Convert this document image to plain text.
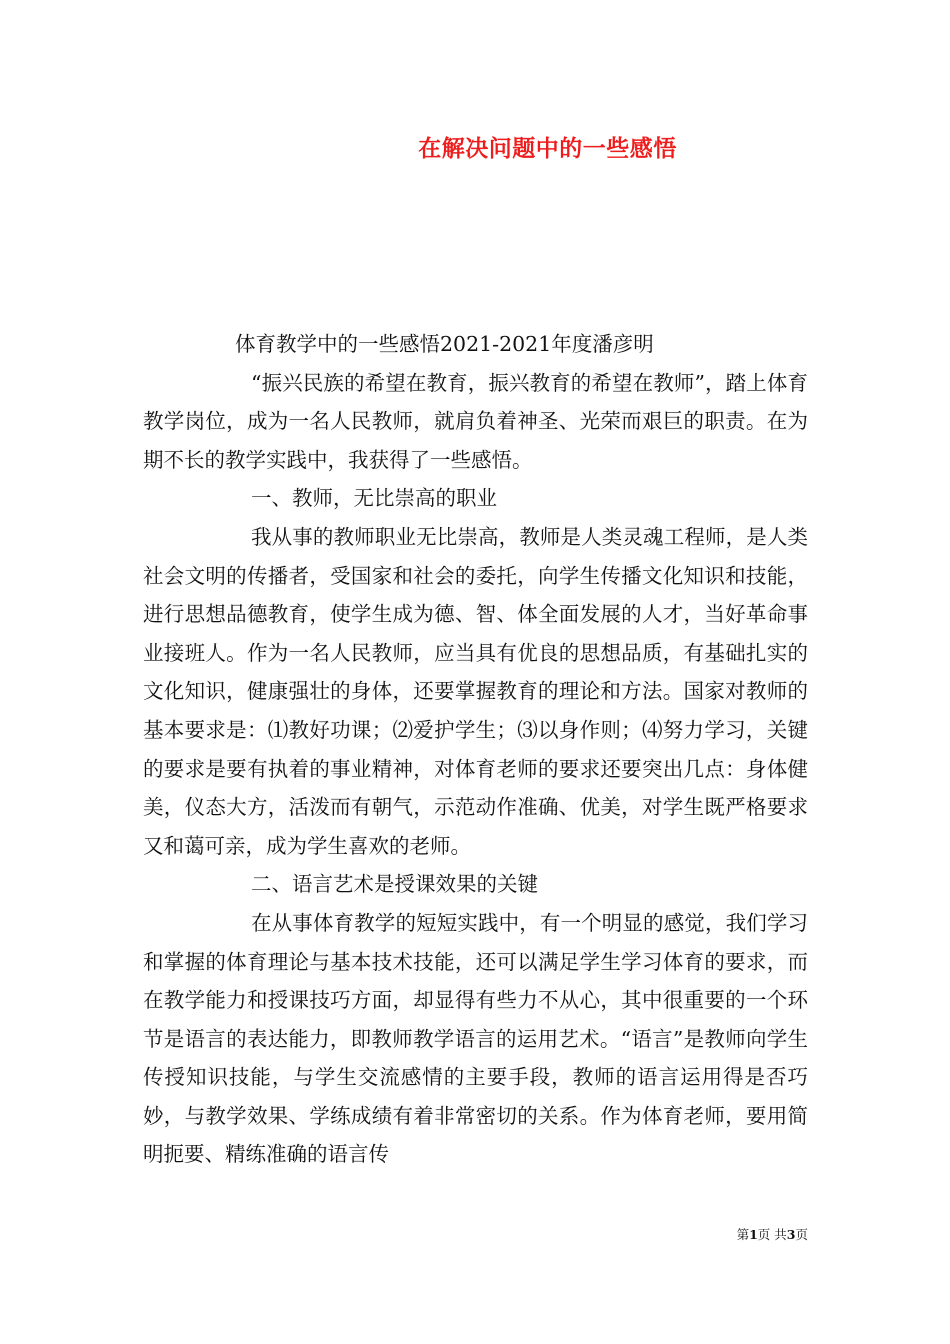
在解决问题中的一些感悟

体育教学中的一些感悟2021-2021年度潘彦明

“振兴民族的希望在教育，振兴教育的希望在教师”，踏上体育教学岗位，成为一名人民教师，就肩负着神圣、光荣而艰巨的职责。在为期不长的教学实践中，我获得了一些感悟。

一、教师，无比崇高的职业

我从事的教师职业无比崇高，教师是人类灵魂工程师，是人类社会文明的传播者，受国家和社会的委托，向学生传播文化知识和技能，进行思想品德教育，使学生成为德、智、体全面发展的人才，当好革命事业接班人。作为一名人民教师，应当具有优良的思想品质，有基础扎实的文化知识，健康强壮的身体，还要掌握教育的理论和方法。国家对教师的基本要求是：⑴教好功课；⑵爱护学生；⑶以身作则；⑷努力学习，关键的要求是要有执着的事业精神，对体育老师的要求还要突出几点：身体健美，仪态大方，活泼而有朝气，示范动作准确、优美，对学生既严格要求又和蔼可亲，成为学生喜欢的老师。

二、语言艺术是授课效果的关键

在从事体育教学的短短实践中，有一个明显的感觉，我们学习和掌握的体育理论与基本技术技能，还可以满足学生学习体育的要求，而在教学能力和授课技巧方面，却显得有些力不从心，其中很重要的一个环节是语言的表达能力，即教师教学语言的运用艺术。“语言”是教师向学生传授知识技能，与学生交流感情的主要手段，教师的语言运用得是否巧妙，与教学效果、学练成绩有着非常密切的关系。作为体育老师，要用简明扼要、精练准确的语言传

第1页 共3页
